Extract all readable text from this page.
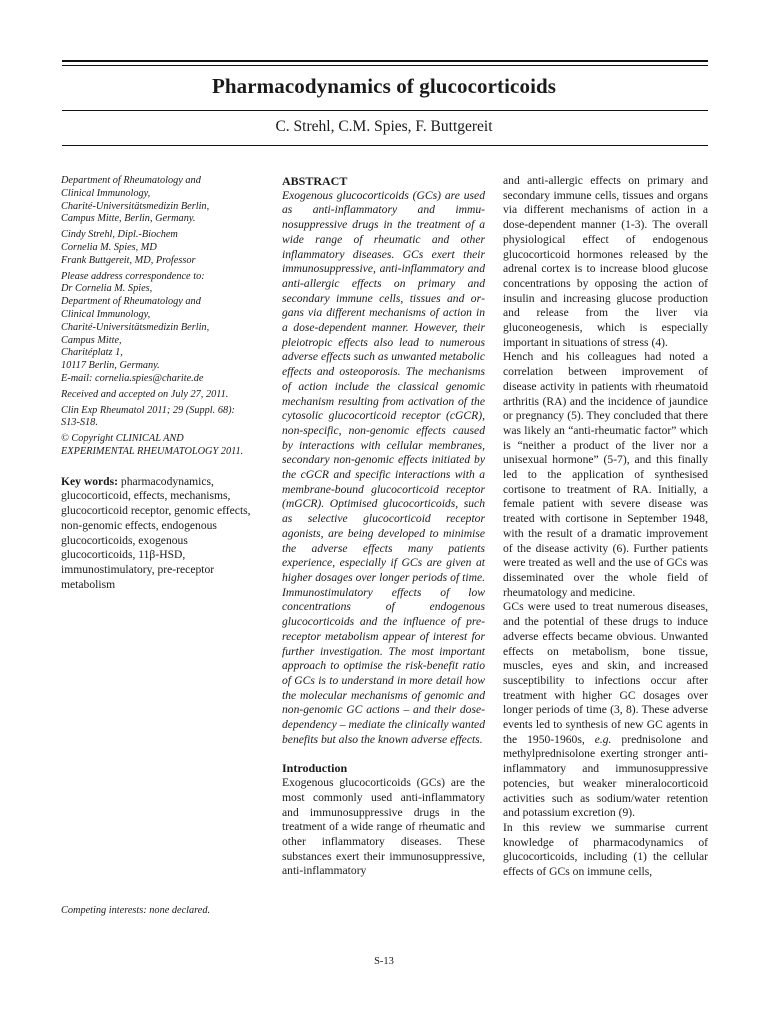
Pharmacodynamics of glucocorticoids
C. Strehl, C.M. Spies, F. Buttgereit
Department of Rheumatology and
Clinical Immunology,
Charité-Universitätsmedizin Berlin,
Campus Mitte, Berlin, Germany.
Cindy Strehl, Dipl.-Biochem
Cornelia M. Spies, MD
Frank Buttgereit, MD, Professor
Please address correspondence to:
Dr Cornelia M. Spies,
Department of Rheumatology and
Clinical Immunology,
Charité-Universitätsmedizin Berlin,
Campus Mitte,
Charitéplatz 1,
10117 Berlin, Germany.
E-mail: cornelia.spies@charite.de
Received and accepted on July 27, 2011.
Clin Exp Rheumatol 2011; 29 (Suppl. 68):
S13-S18.
© Copyright CLINICAL AND
EXPERIMENTAL RHEUMATOLOGY 2011.
Key words: pharmacodynamics, glucocorticoid, effects, mechanisms, glucocorticoid receptor, genomic effects, non-genomic effects, endogenous glucocorticoids, exogenous glucocorticoids, 11β-HSD, immunostimulatory, pre-receptor metabolism
Competing interests: none declared.
ABSTRACT
Exogenous glucocorticoids (GCs) are used as anti-inflammatory and immunosuppressive drugs in the treatment of a wide range of rheumatic and other inflammatory diseases. GCs exert their immunosuppressive, anti-inflammatory and anti-allergic effects on primary and secondary immune cells, tissues and organs via different mechanisms of action in a dose-dependent manner. However, their pleiotropic effects also lead to numerous adverse effects such as unwanted metabolic effects and osteoporosis. The mechanisms of action include the classical genomic mechanism resulting from activation of the cytosolic glucocorticoid receptor (cGCR), non-specific, non-genomic effects caused by interactions with cellular membranes, secondary non-genomic effects initiated by the cGCR and specific interactions with a membrane-bound glucocorticoid receptor (mGCR). Optimised glucocorticoids, such as selective glucocorticoid receptor agonists, are being developed to minimise the adverse effects many patients experience, especially if GCs are given at higher dosages over longer periods of time. Immunostimulatory effects of low concentrations of endogenous glucocorticoids and the influence of pre-receptor metabolism appear of interest for further investigation. The most important approach to optimise the risk-benefit ratio of GCs is to understand in more detail how the molecular mechanisms of genomic and non-genomic GC actions – and their dose-dependency – mediate the clinically wanted benefits but also the known adverse effects.
Introduction

Exogenous glucocorticoids (GCs) are the most commonly used anti-inflammatory and immunosuppressive drugs in the treatment of a wide range of rheumatic and other inflammatory diseases. These substances exert their immunosuppressive, anti-inflammatory

and anti-allergic effects on primary and secondary immune cells, tissues and organs via different mechanisms of action in a dose-dependent manner (1-3). The overall physiological effect of endogenous glucocorticoid hormones released by the adrenal cortex is to increase blood glucose concentrations by opposing the action of insulin and increasing glucose production and release from the liver via gluconeogenesis, which is especially important in situations of stress (4).

Hench and his colleagues had noted a correlation between improvement of disease activity in patients with rheumatoid arthritis (RA) and the incidence of jaundice or pregnancy (5). They concluded that there was likely an “anti-rheumatic factor” which is “neither a product of the liver nor a unisexual hormone” (5-7), and this finally led to the application of synthesised cortisone to treatment of RA. Initially, a female patient with severe disease was treated with cortisone in September 1948, with the result of a dramatic improvement of the disease activity (6). Further patients were treated as well and the use of GCs was disseminated over the whole field of rheumatology and medicine.

GCs were used to treat numerous diseases, and the potential of these drugs to induce adverse effects became obvious. Unwanted effects on metabolism, bone tissue, muscles, eyes and skin, and increased susceptibility to infections occur after treatment with higher GC dosages over longer periods of time (3, 8). These adverse events led to synthesis of new GC agents in the 1950-1960s, e.g. prednisolone and methylprednisolone exerting stronger anti-inflammatory and immunosuppressive potencies, but weaker mineralocorticoid activities such as sodium/water retention and potassium excretion (9).

In this review we summarise current knowledge of pharmacodynamics of glucocorticoids, including (1) the cellular effects of GCs on immune cells,

S-13
